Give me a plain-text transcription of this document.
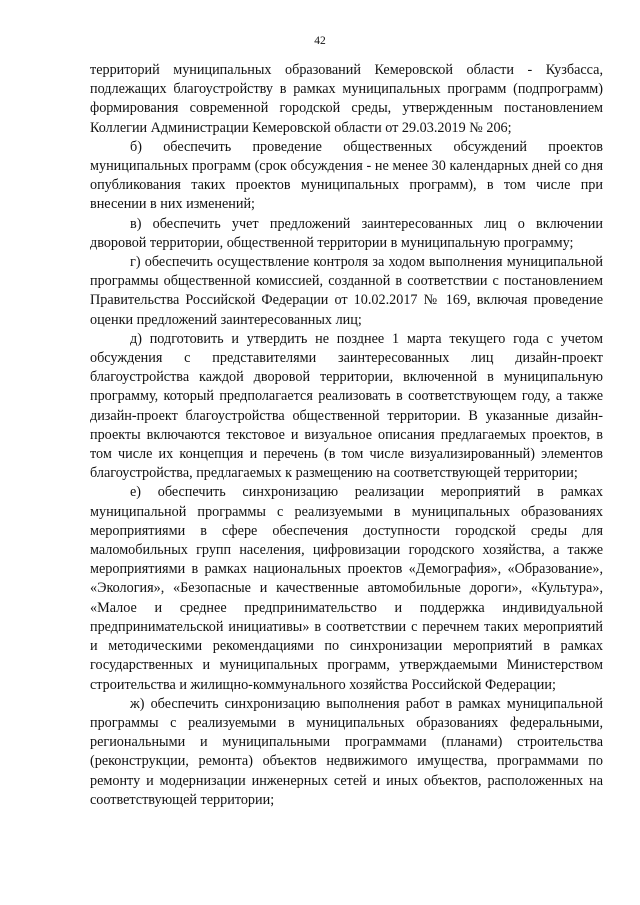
42

территорий муниципальных образований Кемеровской области - Кузбасса, подлежащих благоустройству в рамках муниципальных программ (подпрограмм) формирования современной городской среды, утвержденным постановлением Коллегии Администрации Кемеровской области от 29.03.2019 № 206;

б) обеспечить проведение общественных обсуждений проектов муниципальных программ (срок обсуждения - не менее 30 календарных дней со дня опубликования таких проектов муниципальных программ), в том числе при внесении в них изменений;

в) обеспечить учет предложений заинтересованных лиц о включении дворовой территории, общественной территории в муниципальную программу;

г) обеспечить осуществление контроля за ходом выполнения муниципальной программы общественной комиссией, созданной в соответствии с постановлением Правительства Российской Федерации от 10.02.2017 № 169, включая проведение оценки предложений заинтересованных лиц;

д) подготовить и утвердить не позднее 1 марта текущего года с учетом обсуждения с представителями заинтересованных лиц дизайн-проект благоустройства каждой дворовой территории, включенной в муниципальную программу, который предполагается реализовать в соответствующем году, а также дизайн-проект благоустройства общественной территории. В указанные дизайн-проекты включаются текстовое и визуальное описания предлагаемых проектов, в том числе их концепция и перечень (в том числе визуализированный) элементов благоустройства, предлагаемых к размещению на соответствующей территории;

е) обеспечить синхронизацию реализации мероприятий в рамках муниципальной программы с реализуемыми в муниципальных образованиях мероприятиями в сфере обеспечения доступности городской среды для маломобильных групп населения, цифровизации городского хозяйства, а также мероприятиями в рамках национальных проектов «Демография», «Образование», «Экология», «Безопасные и качественные автомобильные дороги», «Культура», «Малое и среднее предпринимательство и поддержка индивидуальной предпринимательской инициативы» в соответствии с перечнем таких мероприятий и методическими рекомендациями по синхронизации мероприятий в рамках государственных и муниципальных программ, утверждаемыми Министерством строительства и жилищно-коммунального хозяйства Российской Федерации;

ж) обеспечить синхронизацию выполнения работ в рамках муниципальной программы с реализуемыми в муниципальных образованиях федеральными, региональными и муниципальными программами (планами) строительства (реконструкции, ремонта) объектов недвижимого имущества, программами по ремонту и модернизации инженерных сетей и иных объектов, расположенных на соответствующей территории;
